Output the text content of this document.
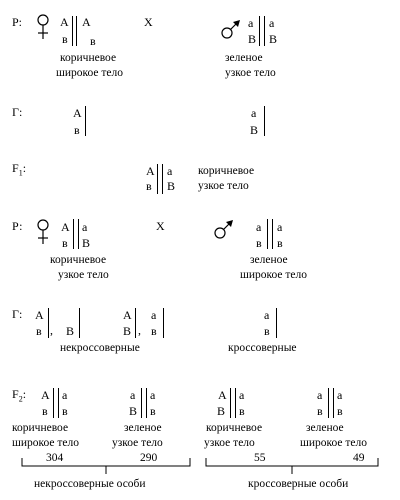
P:	А А
в в
X	а а
В В
коричневое
широкое тело
зеленое
узкое тело
Г:	А
в
а
В
$F_1$:	А а
в В
коричневое
узкое тело
Р:	А а
в В
Х	а а
в в
коричневое
узкое тело
зеленое
широкое тело
Г: А
в , В
А
В ,
а
в
а
в
некроссоверные	кроссоверные
$F_2$: А а
в в
коричневое
широкое тело
304
а а
В в
зеленое
узкое тело
290
А а
В в
коричневое
узкое тело
55
а а
в в
зеленое
широкое тело
49
некроссоверные особи	кроссоверные особи
